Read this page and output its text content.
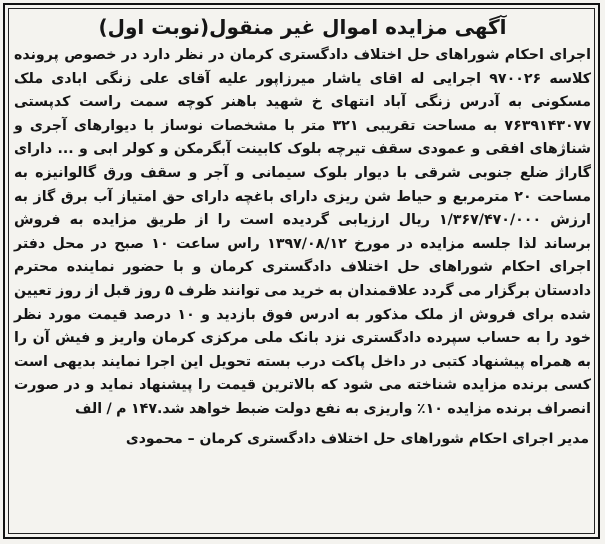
آگهی مزایده اموال غیر منقول(نوبت اول)

اجرای احکام شوراهای حل اختلاف دادگستری کرمان در نظر دارد در خصوص پرونده کلاسه ۹۷۰۰۲۶ اجرایی له اقای یاشار میرزاپور علیه آقای علی زنگی ابادی ملک مسکونی به آدرس زنگی آباد انتهای خ شهید باهنر کوچه سمت راست کدپستی ۷۶۳۹۱۴۳۰۷۷ به مساحت تقریبی ۳۲۱ متر با مشخصات نوساز با دیوارهای آجری و شناژهای افقی و عمودی سقف تیرچه بلوک کابینت آبگرمکن و کولر ابی و ... دارای گاراژ ضلع جنوبی شرقی با دیوار بلوک سیمانی و آجر و سقف ورق گالوانیزه به مساحت ۲۰ مترمربع و حیاط شن ریزی دارای باغچه دارای حق امتیاز آب برق گاز به ارزش ۱/۳۶۷/۴۷۰/۰۰۰ ریال ارزیابی گردیده است را از طریق مزایده به فروش برساند لذا جلسه مزایده در مورخ ۱۳۹۷/۰۸/۱۲ راس ساعت ۱۰ صبح در محل دفتر اجرای احکام شوراهای حل اختلاف دادگستری کرمان و با حضور نماینده محترم دادستان برگزار می گردد علاقمندان به خرید می توانند ظرف ۵ روز قبل از روز تعیین شده برای فروش از ملک مذکور به ادرس فوق بازدید و ۱۰ درصد قیمت مورد نظر خود را به حساب سپرده دادگستری نزد بانک ملی مرکزی کرمان واریز و فیش آن را به همراه پیشنهاد کتبی در داخل پاکت درب بسته تحویل این اجرا نمایند بدیهی است کسی برنده مزایده شناخته می شود که بالاترین قیمت را پیشنهاد نماید و در صورت انصراف برنده مزایده ۱۰٪ واریزی به نفع دولت ضبط خواهد شد.۱۴۷ م / الف

مدیر اجرای احکام شوراهای حل اختلاف دادگستری کرمان – محمودی
